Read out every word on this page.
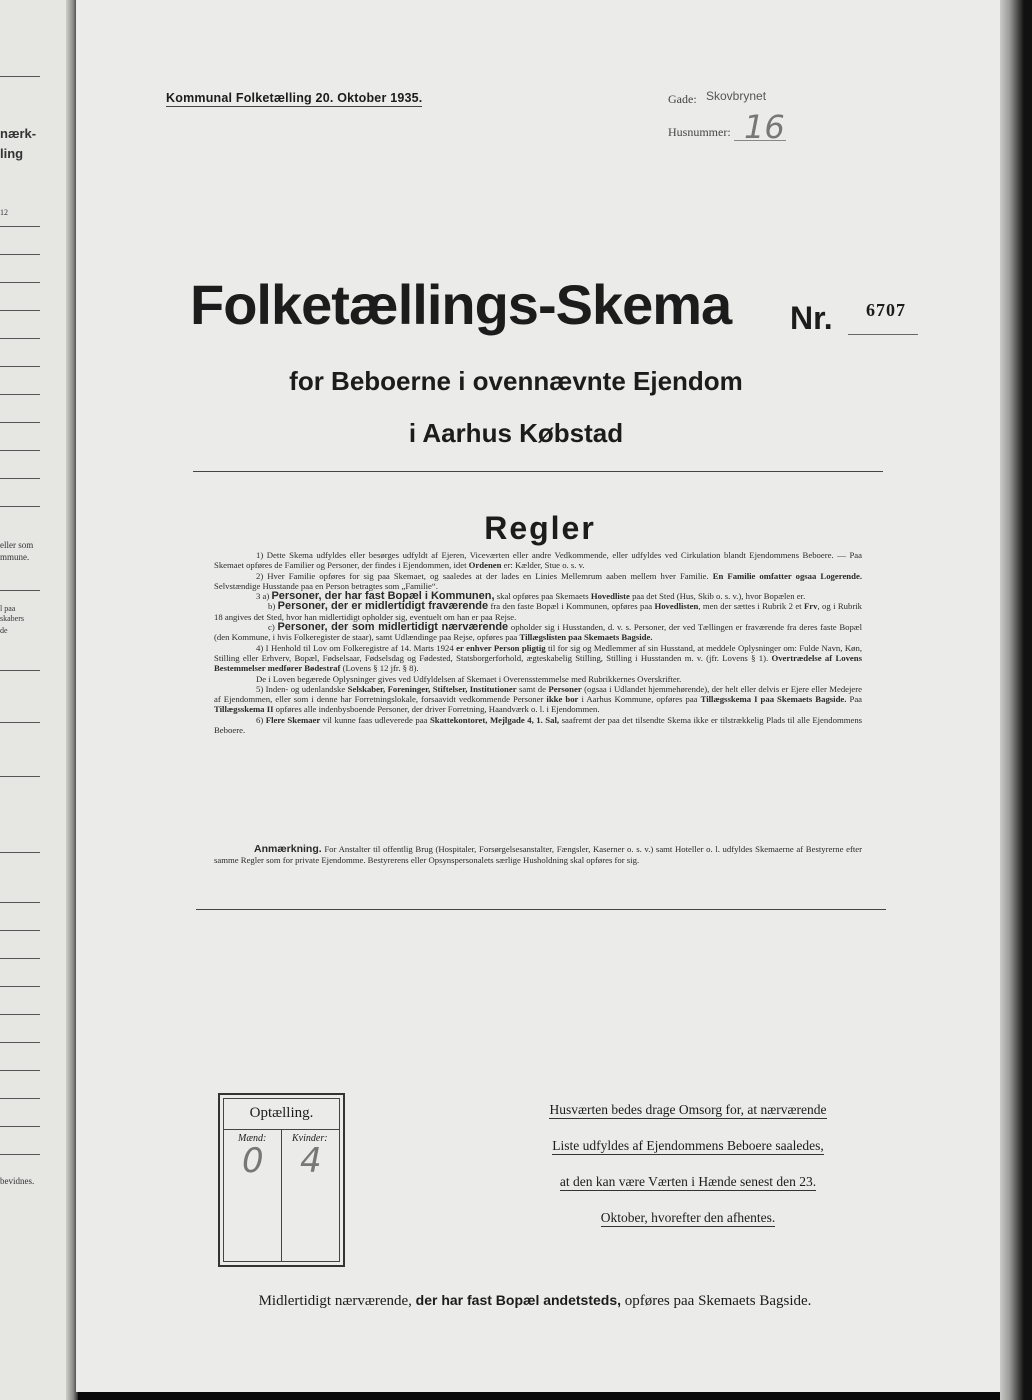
nærk-
ling
12
eller som
mmune.
l paa
skabers
de
bevidnes.
Kommunal Folketælling 20. Oktober 1935.	Gade: Skovbrynet
Husnummer: 16
Folketællings-Skema Nr. 6707
for Beboerne i ovennævnte Ejendom
i Aarhus Købstad
Regler

1) Dette Skema udfyldes eller besørges udfyldt af Ejeren, Viceværten eller andre Vedkommende, eller udfyldes ved Cirkulation blandt Ejendommens Beboere. — Paa Skemaet opføres de Familier og Personer, der findes i Ejendommen, idet Ordenen er: Kælder, Stue o. s. v.

2) Hver Familie opføres for sig paa Skemaet, og saaledes at der lades en Linies Mellemrum aaben mellem hver Familie. En Familie omfatter ogsaa Logerende. Selvstændige Husstande paa en Person betragtes som „Familie“.

3 a) Personer, der har fast Bopæl i Kommunen, skal opføres paa Skemaets Hovedliste paa det Sted (Hus, Skib o. s. v.), hvor Bopælen er.

b) Personer, der er midlertidigt fraværende fra den faste Bopæl i Kommunen, opføres paa Hovedlisten, men der sættes i Rubrik 2 et Frv, og i Rubrik 18 angives det Sted, hvor han midlertidigt opholder sig, eventuelt om han er paa Rejse.

c) Personer, der som midlertidigt nærværende opholder sig i Husstanden, d. v. s. Personer, der ved Tællingen er fraværende fra deres faste Bopæl (den Kommune, i hvis Folkeregister de staar), samt Udlændinge paa Rejse, opføres paa Tillægslisten paa Skemaets Bagside.

4) I Henhold til Lov om Folkeregistre af 14. Marts 1924 er enhver Person pligtig til for sig og Medlemmer af sin Husstand, at meddele Oplysninger om: Fulde Navn, Køn, Stilling eller Erhverv, Bopæl, Fødselsaar, Fødselsdag og Fødested, Statsborgerforhold, ægteskabelig Stilling, Stilling i Husstanden m. v. (jfr. Lovens § 1). Overtrædelse af Lovens Bestemmelser medfører Bødestraf (Lovens § 12 jfr. § 8).

De i Loven begærede Oplysninger gives ved Udfyldelsen af Skemaet i Overensstemmelse med Rubrikkernes Overskrifter.

5) Inden- og udenlandske Selskaber, Foreninger, Stiftelser, Institutioner samt de Personer (ogsaa i Udlandet hjemmehørende), der helt eller delvis er Ejere eller Medejere af Ejendommen, eller som i denne har Forretningslokale, forsaavidt vedkommende Personer ikke bor i Aarhus Kommune, opføres paa Tillægsskema I paa Skemaets Bagside. Paa Tillægsskema II opføres alle indenbysboende Personer, der driver Forretning, Haandværk o. l. i Ejendommen.

6) Flere Skemaer vil kunne faas udleverede paa Skattekontoret, Mejlgade 4, 1. Sal, saafremt der paa det tilsendte Skema ikke er tilstrækkelig Plads til alle Ejendommens Beboere.

Anmærkning. For Anstalter til offentlig Brug (Hospitaler, Forsørgelsesanstalter, Fængsler, Kaserner o. s. v.) samt Hoteller o. l. udfyldes Skemaerne af Bestyrerne efter samme Regler som for private Ejendomme. Bestyrerens eller Opsynspersonalets særlige Husholdning skal opføres for sig.

Optælling.
Mænd:	Kvinder:
0 4
Husværten bedes drage Omsorg for, at nærværende
Liste udfyldes af Ejendommens Beboere saaledes,
at den kan være Værten i Hænde senest den 23.
Oktober, hvorefter den afhentes.
Midlertidigt nærværende, der har fast Bopæl andetsteds, opføres paa Skemaets Bagside.
